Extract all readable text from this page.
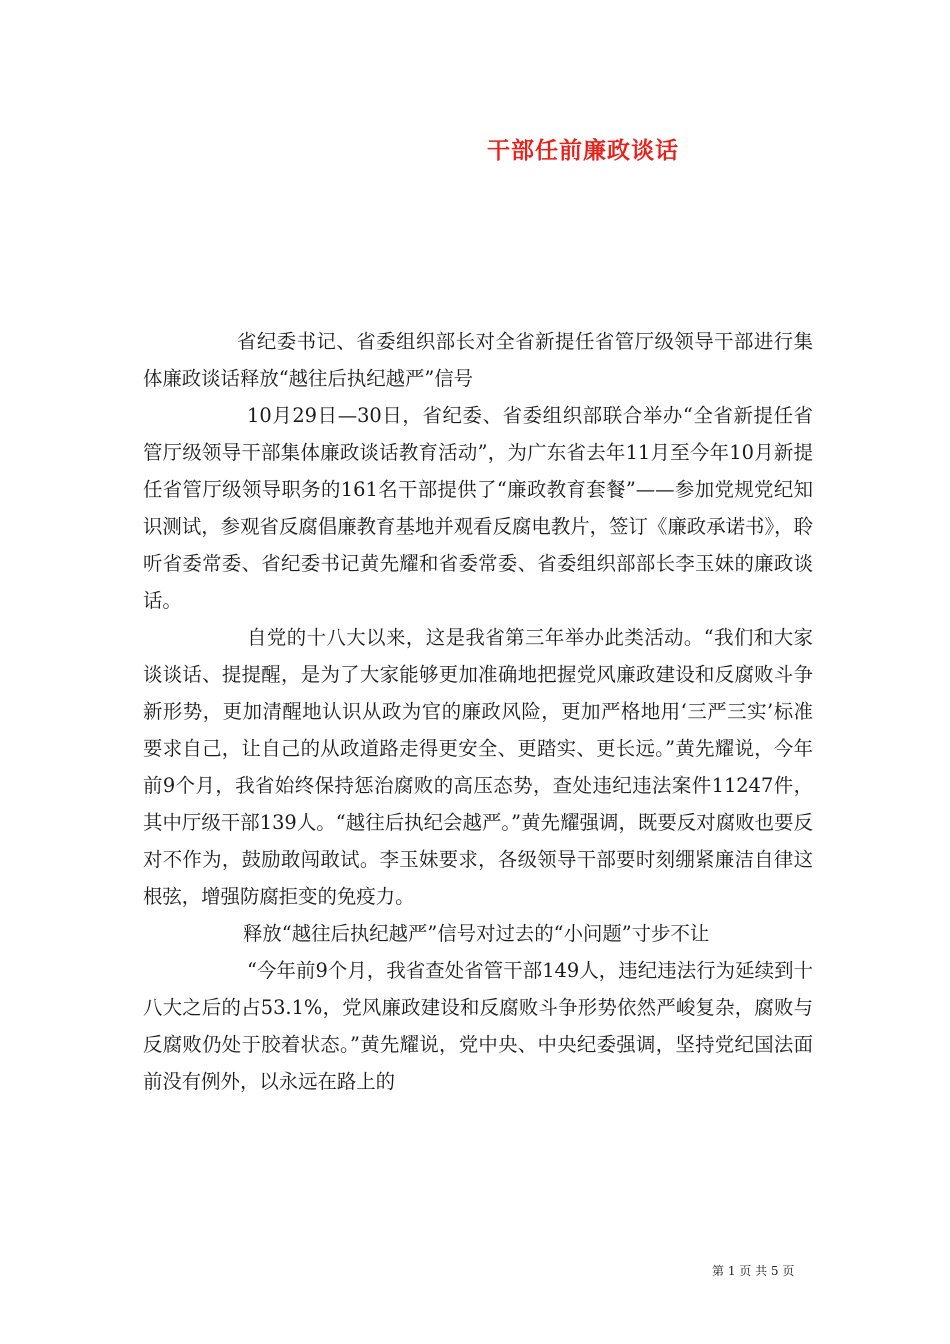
干部任前廉政谈话

省纪委书记、省委组织部长对全省新提任省管厅级领导干部进行集体廉政谈话释放“越往后执纪越严”信号

10月29日—30日，省纪委、省委组织部联合举办“全省新提任省管厅级领导干部集体廉政谈话教育活动”，为广东省去年11月至今年10月新提任省管厅级领导职务的161名干部提供了“廉政教育套餐”——参加党规党纪知识测试，参观省反腐倡廉教育基地并观看反腐电教片，签订《廉政承诺书》，聆听省委常委、省纪委书记黄先耀和省委常委、省委组织部部长李玉妹的廉政谈话。

自党的十八大以来，这是我省第三年举办此类活动。“我们和大家谈谈话、提提醒，是为了大家能够更加准确地把握党风廉政建设和反腐败斗争新形势，更加清醒地认识从政为官的廉政风险，更加严格地用‘三严三实’标准要求自己，让自己的从政道路走得更安全、更踏实、更长远。”黄先耀说，今年前9个月，我省始终保持惩治腐败的高压态势，查处违纪违法案件11247件，其中厅级干部139人。“越往后执纪会越严。”黄先耀强调，既要反对腐败也要反对不作为，鼓励敢闯敢试。李玉妹要求，各级领导干部要时刻绷紧廉洁自律这根弦，增强防腐拒变的免疫力。

释放“越往后执纪越严”信号对过去的“小问题”寸步不让

“今年前9个月，我省查处省管干部149人，违纪违法行为延续到十八大之后的占53.1%，党风廉政建设和反腐败斗争形势依然严峻复杂，腐败与反腐败仍处于胶着状态。”黄先耀说，党中央、中央纪委强调，坚持党纪国法面前没有例外，以永远在路上的

第 1 页 共 5 页
